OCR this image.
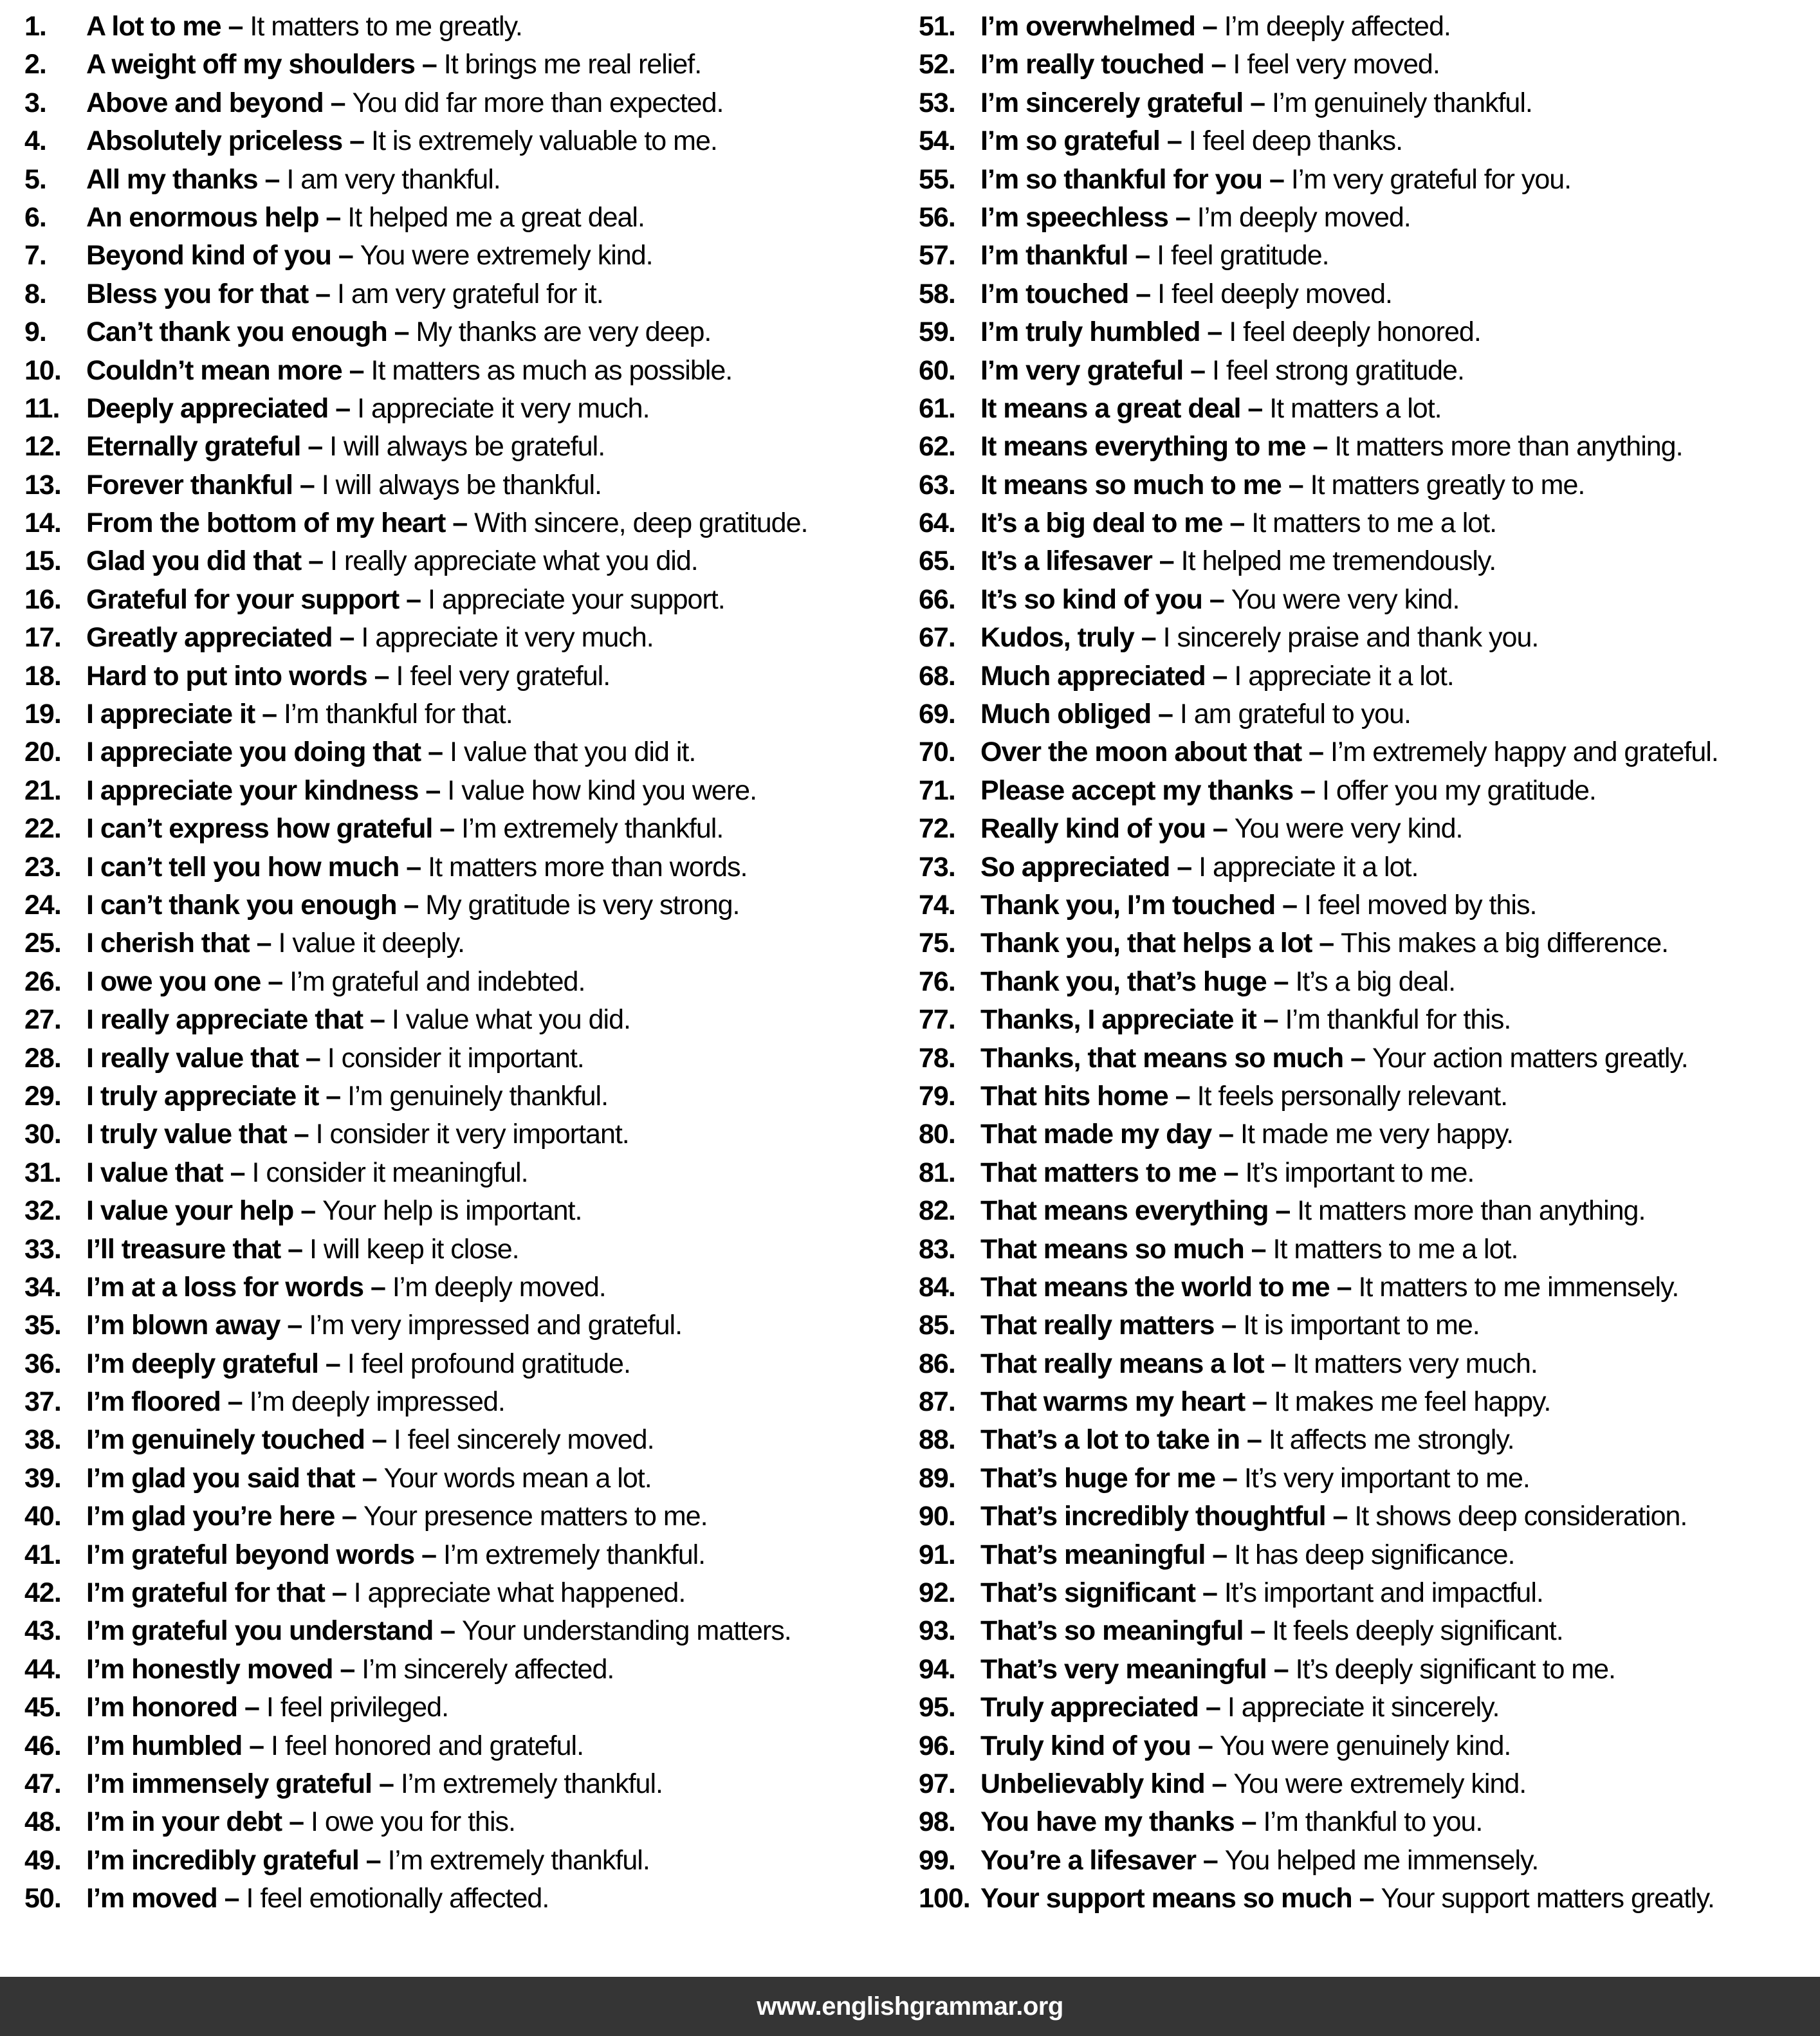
1.	A lot to me – It matters to me greatly.
2.	A weight off my shoulders – It brings me real relief.
3.	Above and beyond – You did far more than expected.
4.	Absolutely priceless – It is extremely valuable to me.
5.	All my thanks – I am very thankful.
6.	An enormous help – It helped me a great deal.
7.	Beyond kind of you – You were extremely kind.
8.	Bless you for that – I am very grateful for it.
9.	Can’t thank you enough – My thanks are very deep.
10. Couldn’t mean more – It matters as much as possible.
11. Deeply appreciated – I appreciate it very much.
12. Eternally grateful – I will always be grateful.
13. Forever thankful – I will always be thankful.
14. From the bottom of my heart – With sincere, deep gratitude.
15. Glad you did that – I really appreciate what you did.
16. Grateful for your support – I appreciate your support.
17. Greatly appreciated – I appreciate it very much.
18. Hard to put into words – I feel very grateful.
19. I appreciate it – I’m thankful for that.
20. I appreciate you doing that – I value that you did it.
21. I appreciate your kindness – I value how kind you were.
22. I can’t express how grateful – I’m extremely thankful.
23. I can’t tell you how much – It matters more than words.
24. I can’t thank you enough – My gratitude is very strong.
25. I cherish that – I value it deeply.
26. I owe you one – I’m grateful and indebted.
27. I really appreciate that – I value what you did.
28. I really value that – I consider it important.
29. I truly appreciate it – I’m genuinely thankful.
30. I truly value that – I consider it very important.
31. I value that – I consider it meaningful.
32. I value your help – Your help is important.
33. I’ll treasure that – I will keep it close.
34. I’m at a loss for words – I’m deeply moved.
35. I’m blown away – I’m very impressed and grateful.
36. I’m deeply grateful – I feel profound gratitude.
37. I’m floored – I’m deeply impressed.
38. I’m genuinely touched – I feel sincerely moved.
39. I’m glad you said that – Your words mean a lot.
40. I’m glad you’re here – Your presence matters to me.
41. I’m grateful beyond words – I’m extremely thankful.
42. I’m grateful for that – I appreciate what happened.
43. I’m grateful you understand – Your understanding matters.
44. I’m honestly moved – I’m sincerely affected.
45. I’m honored – I feel privileged.
46. I’m humbled – I feel honored and grateful.
47. I’m immensely grateful – I’m extremely thankful.
48. I’m in your debt – I owe you for this.
49. I’m incredibly grateful – I’m extremely thankful.
50. I’m moved – I feel emotionally affected.
51. I’m overwhelmed – I’m deeply affected.
52. I’m really touched – I feel very moved.
53. I’m sincerely grateful – I’m genuinely thankful.
54. I’m so grateful – I feel deep thanks.
55. I’m so thankful for you – I’m very grateful for you.
56. I’m speechless – I’m deeply moved.
57. I’m thankful – I feel gratitude.
58. I’m touched – I feel deeply moved.
59. I’m truly humbled – I feel deeply honored.
60. I’m very grateful – I feel strong gratitude.
61. It means a great deal – It matters a lot.
62. It means everything to me – It matters more than anything.
63. It means so much to me – It matters greatly to me.
64. It’s a big deal to me – It matters to me a lot.
65. It’s a lifesaver – It helped me tremendously.
66. It’s so kind of you – You were very kind.
67. Kudos, truly – I sincerely praise and thank you.
68. Much appreciated – I appreciate it a lot.
69. Much obliged – I am grateful to you.
70. Over the moon about that – I’m extremely happy and grateful.
71. Please accept my thanks – I offer you my gratitude.
72. Really kind of you – You were very kind.
73. So appreciated – I appreciate it a lot.
74. Thank you, I’m touched – I feel moved by this.
75. Thank you, that helps a lot – This makes a big difference.
76. Thank you, that’s huge – It’s a big deal.
77. Thanks, I appreciate it – I’m thankful for this.
78. Thanks, that means so much – Your action matters greatly.
79. That hits home – It feels personally relevant.
80. That made my day – It made me very happy.
81. That matters to me – It’s important to me.
82. That means everything – It matters more than anything.
83. That means so much – It matters to me a lot.
84. That means the world to me – It matters to me immensely.
85. That really matters – It is important to me.
86. That really means a lot – It matters very much.
87. That warms my heart – It makes me feel happy.
88. That’s a lot to take in – It affects me strongly.
89. That’s huge for me – It’s very important to me.
90. That’s incredibly thoughtful – It shows deep consideration.
91. That’s meaningful – It has deep significance.
92. That’s significant – It’s important and impactful.
93. That’s so meaningful – It feels deeply significant.
94. That’s very meaningful – It’s deeply significant to me.
95. Truly appreciated – I appreciate it sincerely.
96. Truly kind of you – You were genuinely kind.
97. Unbelievably kind – You were extremely kind.
98. You have my thanks – I’m thankful to you.
99. You’re a lifesaver – You helped me immensely.
100. Your support means so much – Your support matters greatly.
www.englishgrammar.org
